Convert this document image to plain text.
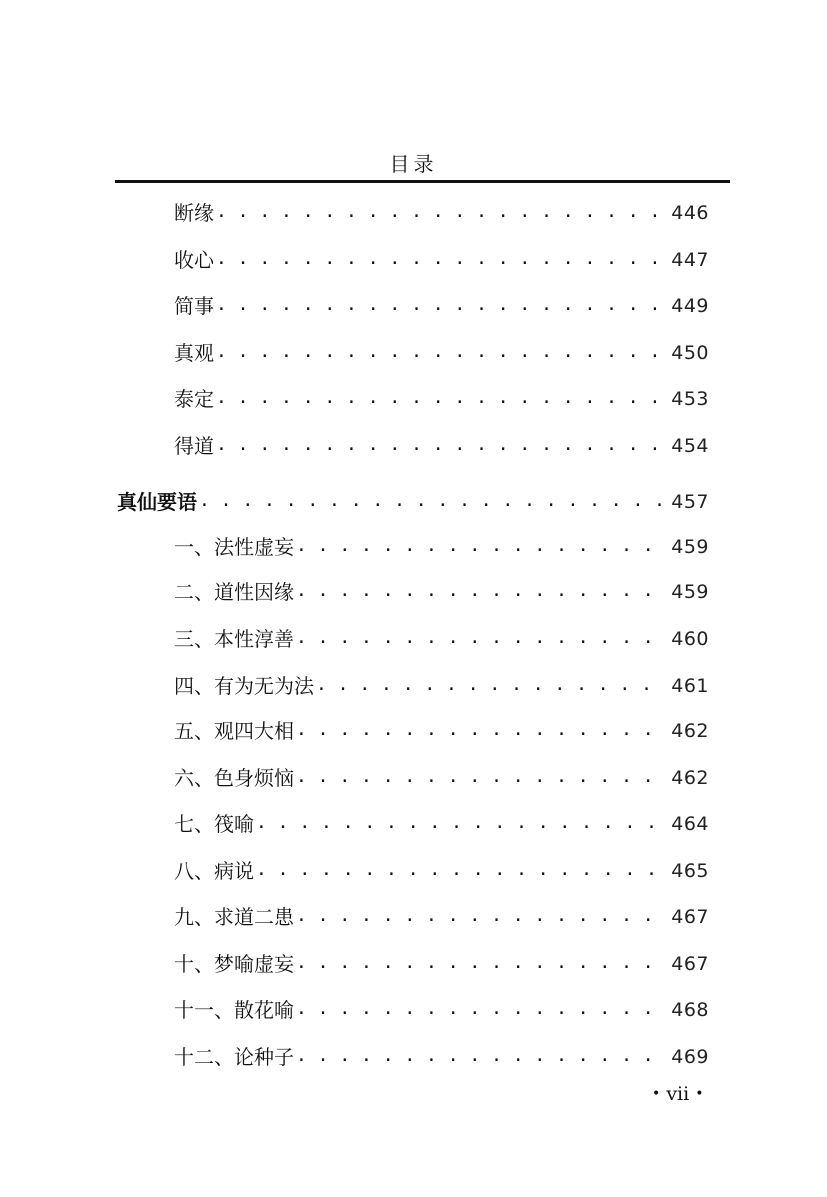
目录
断缘 . . .	446
收心 . . .	447
简事 . . .	449
真观 . . .	450
泰定 . . .	453
得道 . . .	454
真仙要语 . . .	457
一、法性虚妄 . . .	459
二、道性因缘 . . .	459
三、本性淳善 . . .	460
四、有为无为法 . . .	461
五、观四大相 . . .	462
六、色身烦恼 . . .	462
七、筏喻 . . .	464
八、病说 . . .	465
九、求道二患 . . .	467
十、梦喻虚妄 . . .	467
十一、散花喻 . . .	468
十二、论种子 . . .	469
• vii •
